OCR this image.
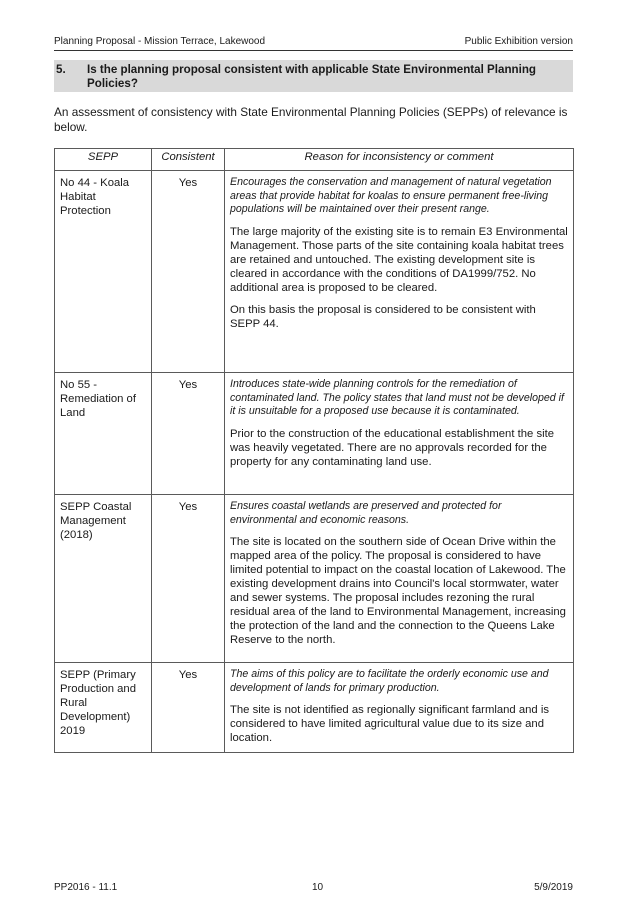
Planning Proposal - Mission Terrace, Lakewood	Public Exhibition version
5. Is the planning proposal consistent with applicable State Environmental Planning Policies?
An assessment of consistency with State Environmental Planning Policies (SEPPs) of relevance is below.
SEPP	Consistent	Reason for inconsistency or comment
No 44 - Koala Habitat Protection	Yes	Encourages the conservation and management of natural vegetation areas that provide habitat for koalas to ensure permanent free-living populations will be maintained over their present range.

The large majority of the existing site is to remain E3 Environmental Management. Those parts of the site containing koala habitat trees are retained and untouched. The existing development site is cleared in accordance with the conditions of DA1999/752. No additional area is proposed to be cleared.

On this basis the proposal is considered to be consistent with SEPP 44.

No 55 - Remediation of Land	Yes	Introduces state-wide planning controls for the remediation of contaminated land. The policy states that land must not be developed if it is unsuitable for a proposed use because it is contaminated.

Prior to the construction of the educational establishment the site was heavily vegetated. There are no approvals recorded for the property for any contaminating land use.

SEPP Coastal Management (2018)	Yes	Ensures coastal wetlands are preserved and protected for environmental and economic reasons.

The site is located on the southern side of Ocean Drive within the mapped area of the policy. The proposal is considered to have limited potential to impact on the coastal location of Lakewood. The existing development drains into Council's local stormwater, water and sewer systems. The proposal includes rezoning the rural residual area of the land to Environmental Management, increasing the protection of the land and the connection to the Queens Lake Reserve to the north.

SEPP (Primary Production and Rural Development) 2019	Yes	The aims of this policy are to facilitate the orderly economic use and development of lands for primary production.

The site is not identified as regionally significant farmland and is considered to have limited agricultural value due to its size and location.

PP2016 - 11.1	10	5/9/2019
